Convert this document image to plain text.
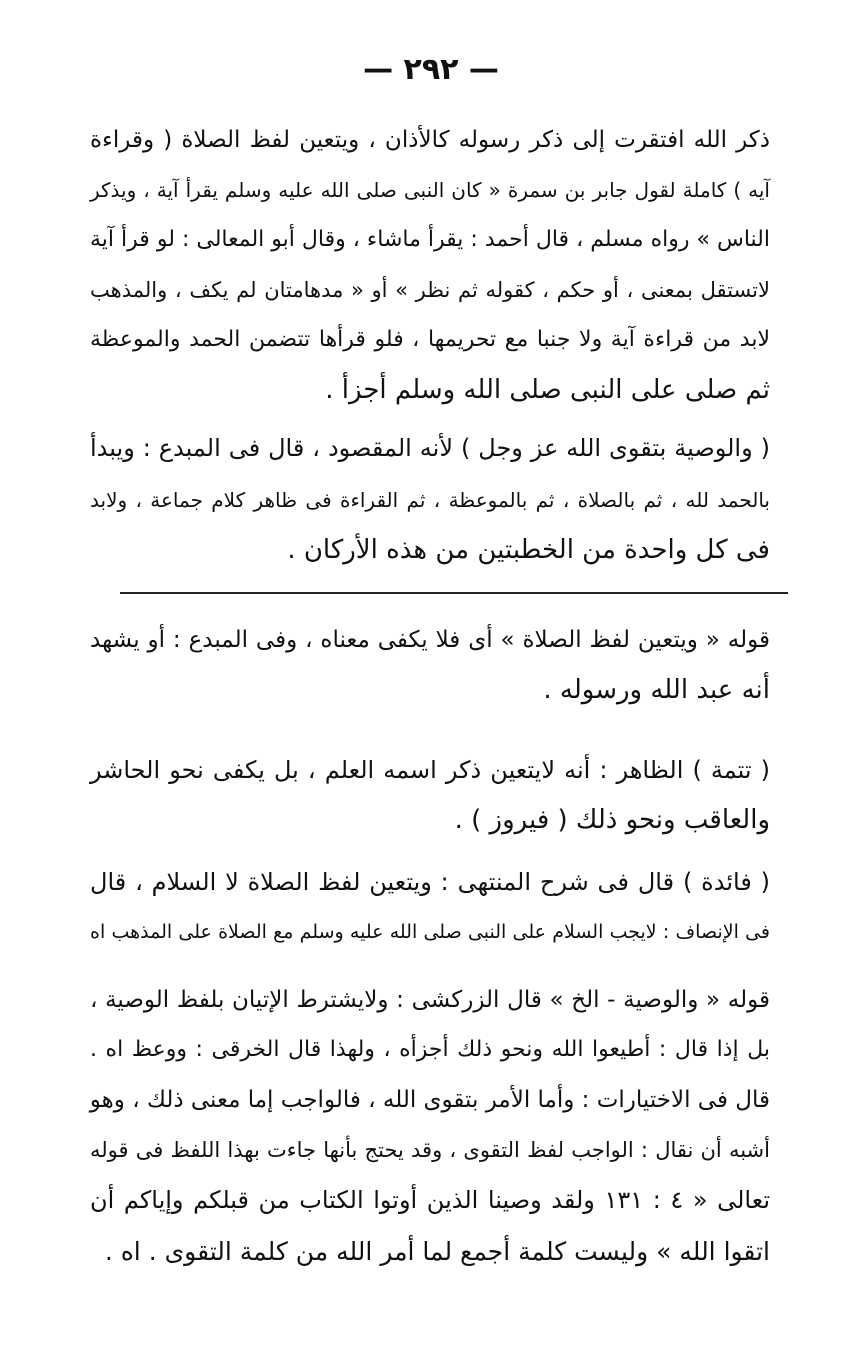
— ٢٩٢ —
ذكر الله افتقرت إلى ذكر رسوله كالأذان ، ويتعين لفظ الصلاة ( وقراءة
آيه ) كاملة لقول جابر بن سمرة « كان النبى صلى الله عليه وسلم يقرأ آية ، ويذكر
الناس » رواه مسلم ، قال أحمد : يقرأ ماشاء ، وقال أبو المعالى : لو قرأ آية
لاتستقل بمعنى ، أو حكم ، كقوله ثم نظر » أو « مدهامتان لم يكف ، والمذهب
لابد من قراءة آية ولا جنبا مع تحريمها ، فلو قرأها تتضمن الحمد والموعظة
ثم صلى على النبى صلى الله وسلم أجزأ .
( والوصية بتقوى الله عز وجل ) لأنه المقصود ، قال فى المبدع : ويبدأ
بالحمد لله ، ثم بالصلاة ، ثم بالموعظة ، ثم القراءة فى ظاهر كلام جماعة ، ولابد
فى كل واحدة من الخطبتين من هذه الأركان .
قوله « ويتعين لفظ الصلاة » أى فلا يكفى معناه ، وفى المبدع : أو يشهد
أنه عبد الله ورسوله .
( تتمة ) الظاهر : أنه لايتعين ذكر اسمه العلم ، بل يكفى نحو الحاشر
والعاقب ونحو ذلك ( فيروز ) .
( فائدة ) قال فى شرح المنتهى : ويتعين لفظ الصلاة لا السلام ، قال
فى الإنصاف : لايجب السلام على النبى صلى الله عليه وسلم مع الصلاة على المذهب اه
قوله « والوصية - الخ » قال الزركشى : ولايشترط الإتيان بلفظ الوصية ،
بل إذا قال : أطيعوا الله ونحو ذلك أجزأه ، ولهذا قال الخرقى : ووعظ اه .
قال فى الاختيارات : وأما الأمر بتقوى الله ، فالواجب إما معنى ذلك ، وهو
أشبه أن نقال : الواجب لفظ التقوى ، وقد يحتج بأنها جاءت بهذا اللفظ فى قوله
تعالى « ٤ : ١٣١ ولقد وصينا الذين أوتوا الكتاب من قبلكم وإياكم أن
اتقوا الله » وليست كلمة أجمع لما أمر الله من كلمة التقوى . اه .
